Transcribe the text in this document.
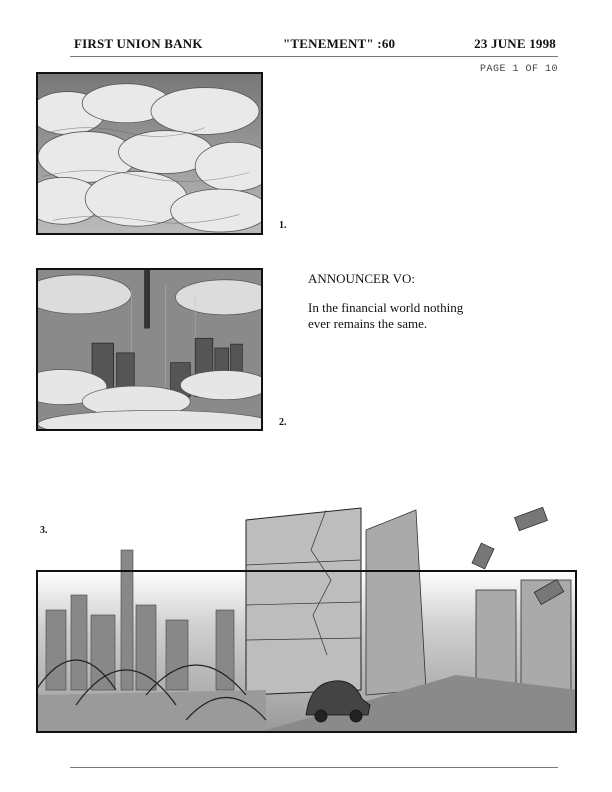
FIRST UNION BANK	"TENEMENT" :60	23 JUNE 1998
PAGE 1 OF 10
1.
2.
ANNOUNCER VO:
In the financial world nothing
ever remains the same.
3.
